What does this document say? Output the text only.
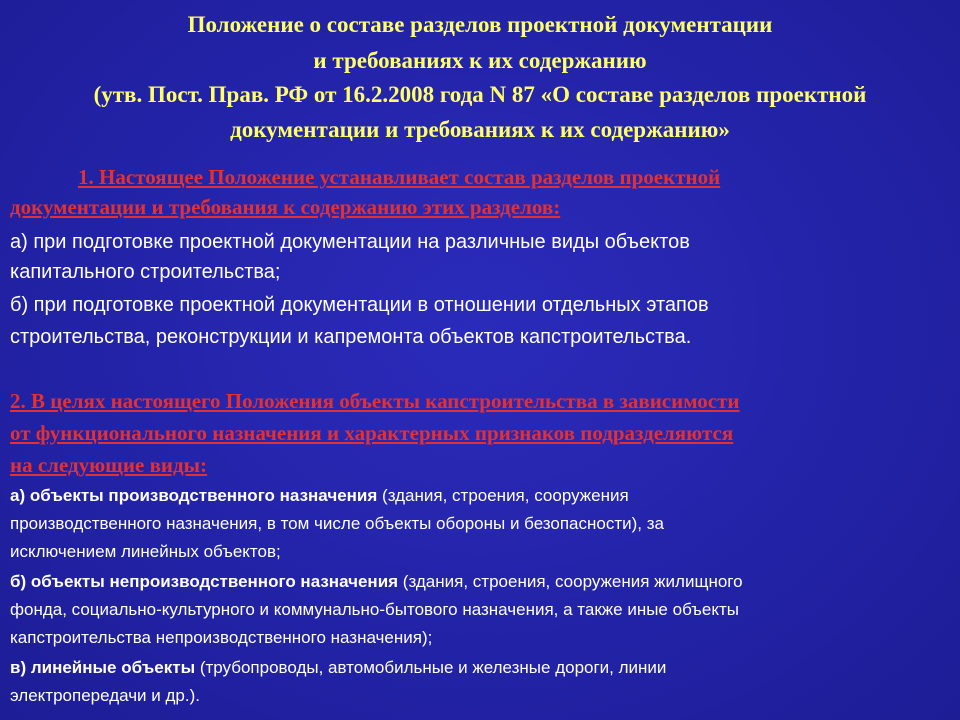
Положение о составе разделов проектной документации
и требованиях к их содержанию
(утв. Пост. Прав. РФ от 16.2.2008 года N 87 «О составе разделов проектной
документации и требованиях к их содержанию»
1. Настоящее Положение устанавливает состав разделов проектной
документации и требования к содержанию этих разделов:
а) при подготовке проектной документации на различные виды объектов
капитального строительства;
б) при подготовке проектной документации в отношении отдельных этапов
строительства, реконструкции и капремонта объектов капстроительства.
2. В целях настоящего Положения объекты капстроительства в зависимости
от функционального назначения и характерных признаков подразделяются
на следующие виды:
а) объекты производственного назначения (здания, строения, сооружения
производственного назначения, в том числе объекты обороны и безопасности), за
исключением линейных объектов;
б) объекты непроизводственного назначения (здания, строения, сооружения жилищного
фонда, социально-культурного и коммунально-бытового назначения, а также иные объекты
капстроительства непроизводственного назначения);
в) линейные объекты (трубопроводы, автомобильные и железные дороги, линии
электропередачи и др.).
